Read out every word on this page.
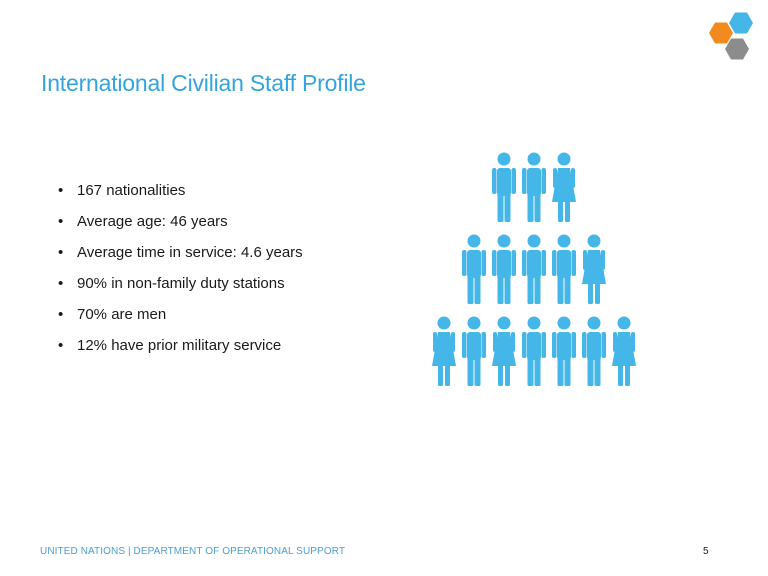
International Civilian Staff Profile
• 167 nationalities
• Average age: 46 years
• Average time in service: 4.6 years
• 90% in non-family duty stations
• 70% are men
• 12% have prior military service
UNITED NATIONS | DEPARTMENT OF OPERATIONAL SUPPORT	5
